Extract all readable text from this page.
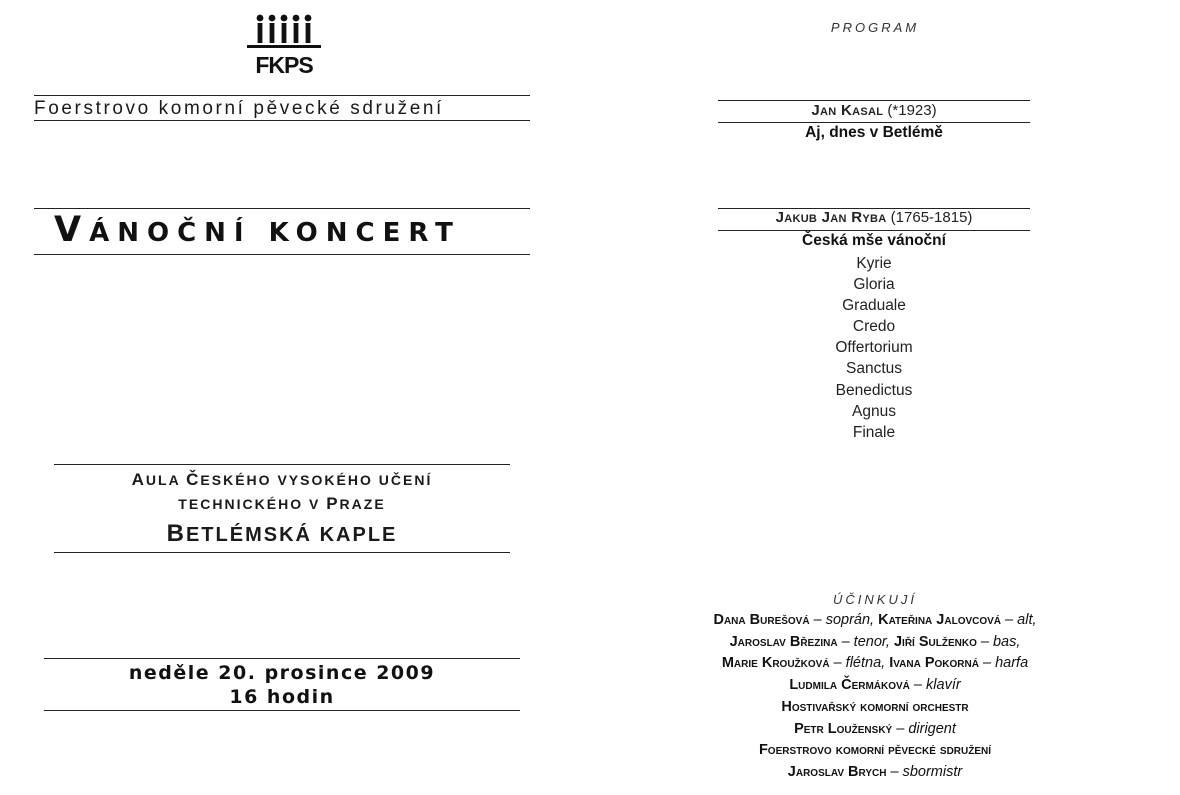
FKPS
Foerstrovo komorní pěvecké sdružení
VÁNOČNÍ KONCERT
AULA ČESKÉHO VYSOKÉHO UČENÍ
TECHNICKÉHO V PRAZE
BETLÉMSKÁ KAPLE
neděle 20. prosince 2009
16 hodin
PROGRAM
Jan Kasal (*1923)
Aj, dnes v Betlémě
Jakub Jan Ryba (1765-1815)
Česká mše vánoční
Kyrie
Gloria
Graduale
Credo
Offertorium
Sanctus
Benedictus
Agnus
Finale
ÚČINKUJÍ
Dana Burešová – soprán, Kateřina Jalovcová – alt,
Jaroslav Březina – tenor, Jiří Sulženko – bas,
Marie Kroužková – flétna, Ivana Pokorná – harfa
Ludmila Čermáková – klavír
Hostivařský komorní orchestr
Petr Louženský – dirigent
Foerstrovo komorní pěvecké sdružení
Jaroslav Brych – sbormistr
